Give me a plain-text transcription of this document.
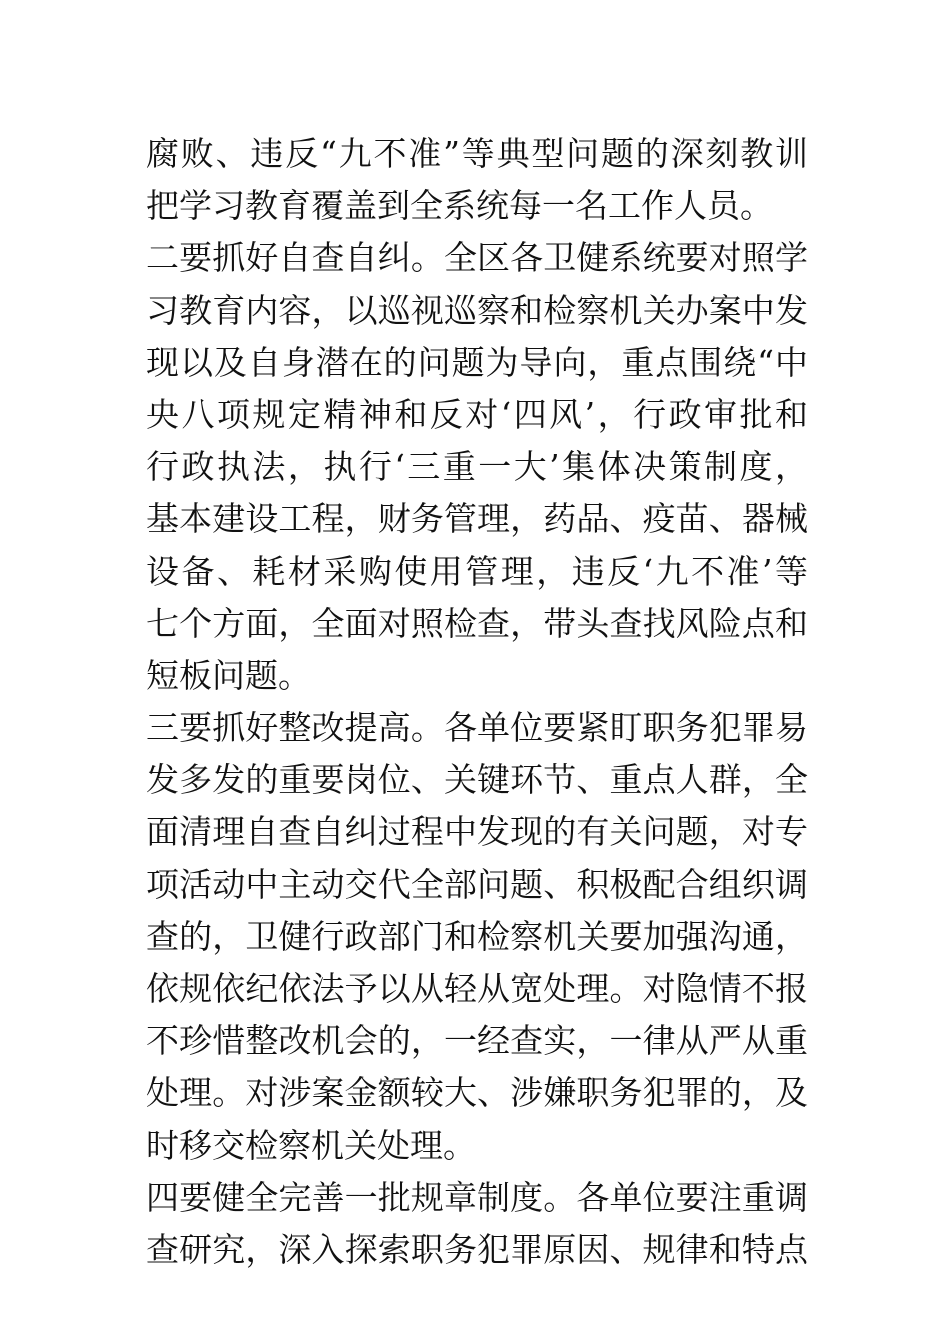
腐败、违反“九不准”等典型问题的深刻教训
把学习教育覆盖到全系统每一名工作人员。
二要抓好自查自纠。全区各卫健系统要对照学
习教育内容，以巡视巡察和检察机关办案中发
现以及自身潜在的问题为导向，重点围绕“中
央八项规定精神和反对‘四风’，行政审批和
行政执法，执行‘三重一大’集体决策制度，
基本建设工程，财务管理，药品、疫苗、器械
设备、耗材采购使用管理，违反‘九不准’等
七个方面，全面对照检查，带头查找风险点和
短板问题。
三要抓好整改提高。各单位要紧盯职务犯罪易
发多发的重要岗位、关键环节、重点人群，全
面清理自查自纠过程中发现的有关问题，对专
项活动中主动交代全部问题、积极配合组织调
查的，卫健行政部门和检察机关要加强沟通，
依规依纪依法予以从轻从宽处理。对隐情不报
不珍惜整改机会的，一经查实，一律从严从重
处理。对涉案金额较大、涉嫌职务犯罪的，及
时移交检察机关处理。
四要健全完善一批规章制度。各单位要注重调
查研究，深入探索职务犯罪原因、规律和特点
